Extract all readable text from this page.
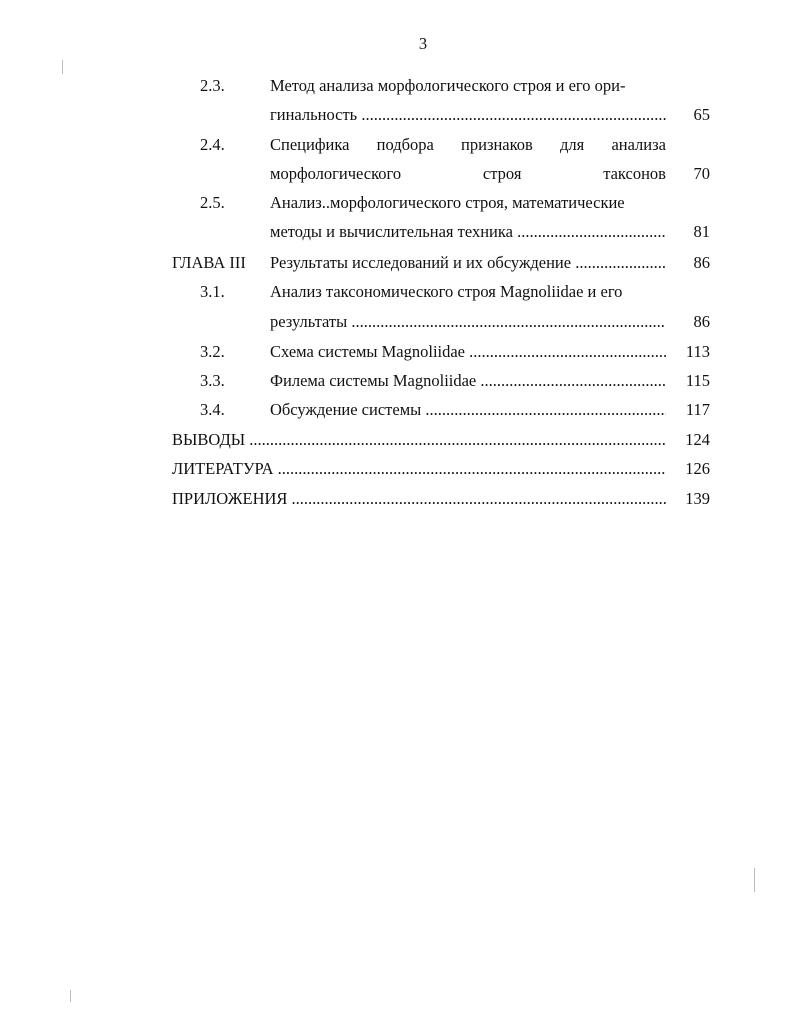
3
2.3.	Метод анализа морфологического строя и его ори-
гинальность .....	65
2.4.	Специфика подбора признаков для анализа
морфологического	строя	таксонов	70
2.5.	Анализ..морфологического строя, математические
методы и вычислительная техника .....	81
ГЛАВА III Результаты исследований и их обсуждение .....	86
3.1.	Анализ таксономического строя Magnoliidae и его
результаты .....	86
3.2.	Схема системы Magnoliidae .....	113
3.3.	Филема системы Magnoliidae .....	115
3.4.	Обсуждение системы .....	117
ВЫВОДЫ .....	124
ЛИТЕРАТУРА .....	126
ПРИЛОЖЕНИЯ .....	139
